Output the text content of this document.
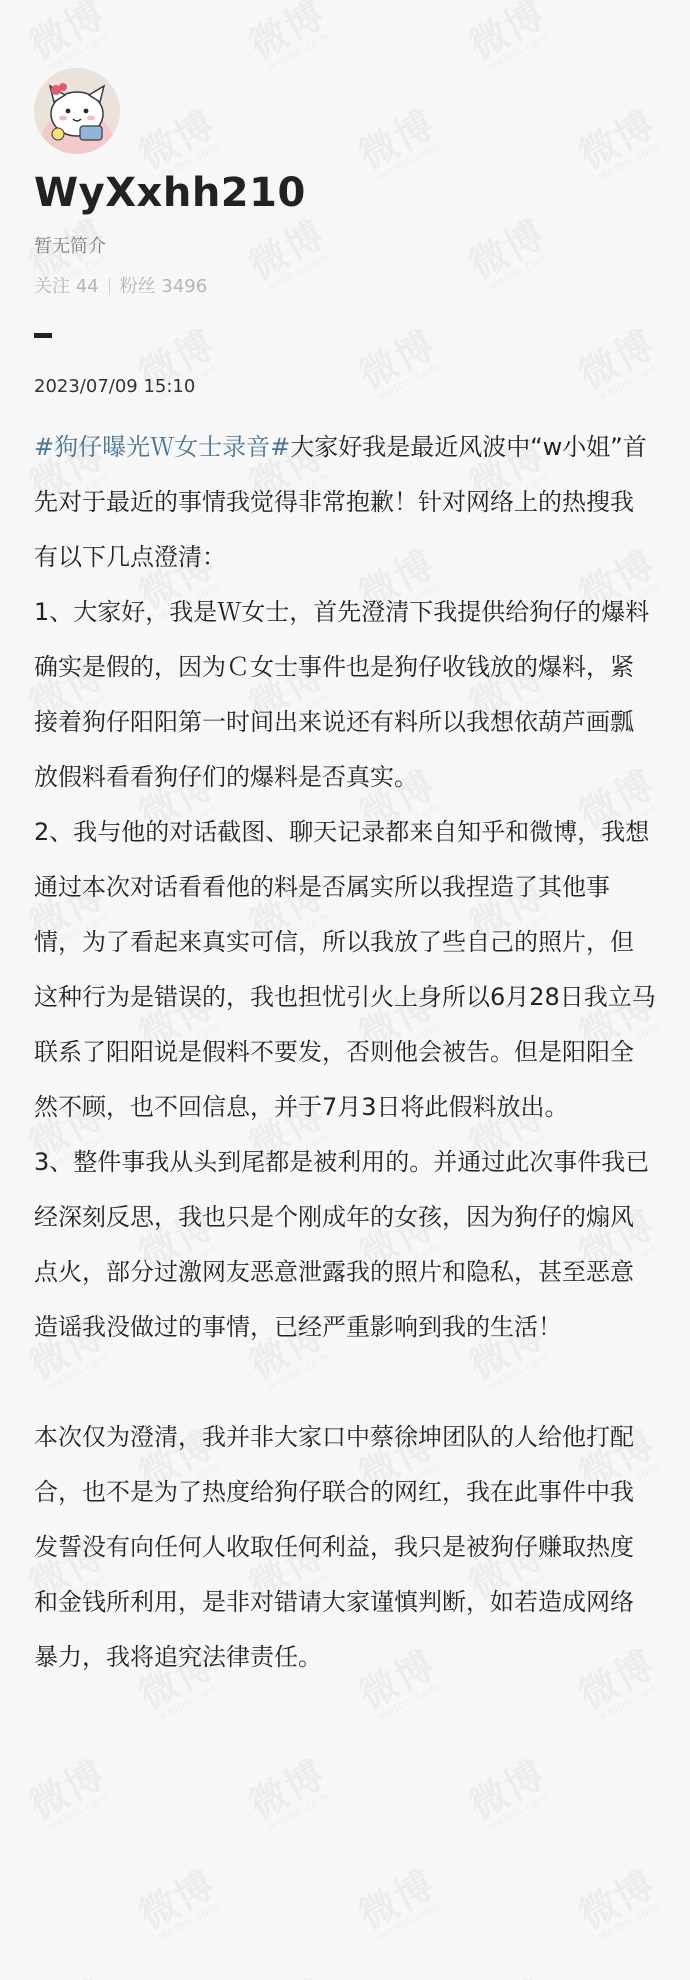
WyXxhh210
暂无简介
关注 44 粉丝 3496
2023/07/09 15:10

#狗仔曝光Ｗ女士录音#大家好我是最近风波中“w小姐”首先对于最近的事情我觉得非常抱歉！针对网络上的热搜我有以下几点澄清：

1、大家好，我是Ｗ女士，首先澄清下我提供给狗仔的爆料确实是假的，因为Ｃ女士事件也是狗仔收钱放的爆料，紧接着狗仔阳阳第一时间出来说还有料所以我想依葫芦画瓢放假料看看狗仔们的爆料是否真实。

2、我与他的对话截图、聊天记录都来自知乎和微博，我想通过本次对话看看他的料是否属实所以我捏造了其他事情，为了看起来真实可信，所以我放了些自己的照片，但这种行为是错误的，我也担忧引火上身所以6月28日我立马联系了阳阳说是假料不要发，否则他会被告。但是阳阳全然不顾，也不回信息，并于7月3日将此假料放出。

3、整件事我从头到尾都是被利用的。并通过此次事件我已经深刻反思，我也只是个刚成年的女孩，因为狗仔的煽风点火，部分过激网友恶意泄露我的照片和隐私，甚至恶意造谣我没做过的事情，已经严重影响到我的生活！

本次仅为澄清，我并非大家口中蔡徐坤团队的人给他打配合，也不是为了热度给狗仔联合的网红，我在此事件中我发誓没有向任何人收取任何利益，我只是被狗仔赚取热度和金钱所利用，是非对错请大家谨慎判断，如若造成网络暴力，我将追究法律责任。
